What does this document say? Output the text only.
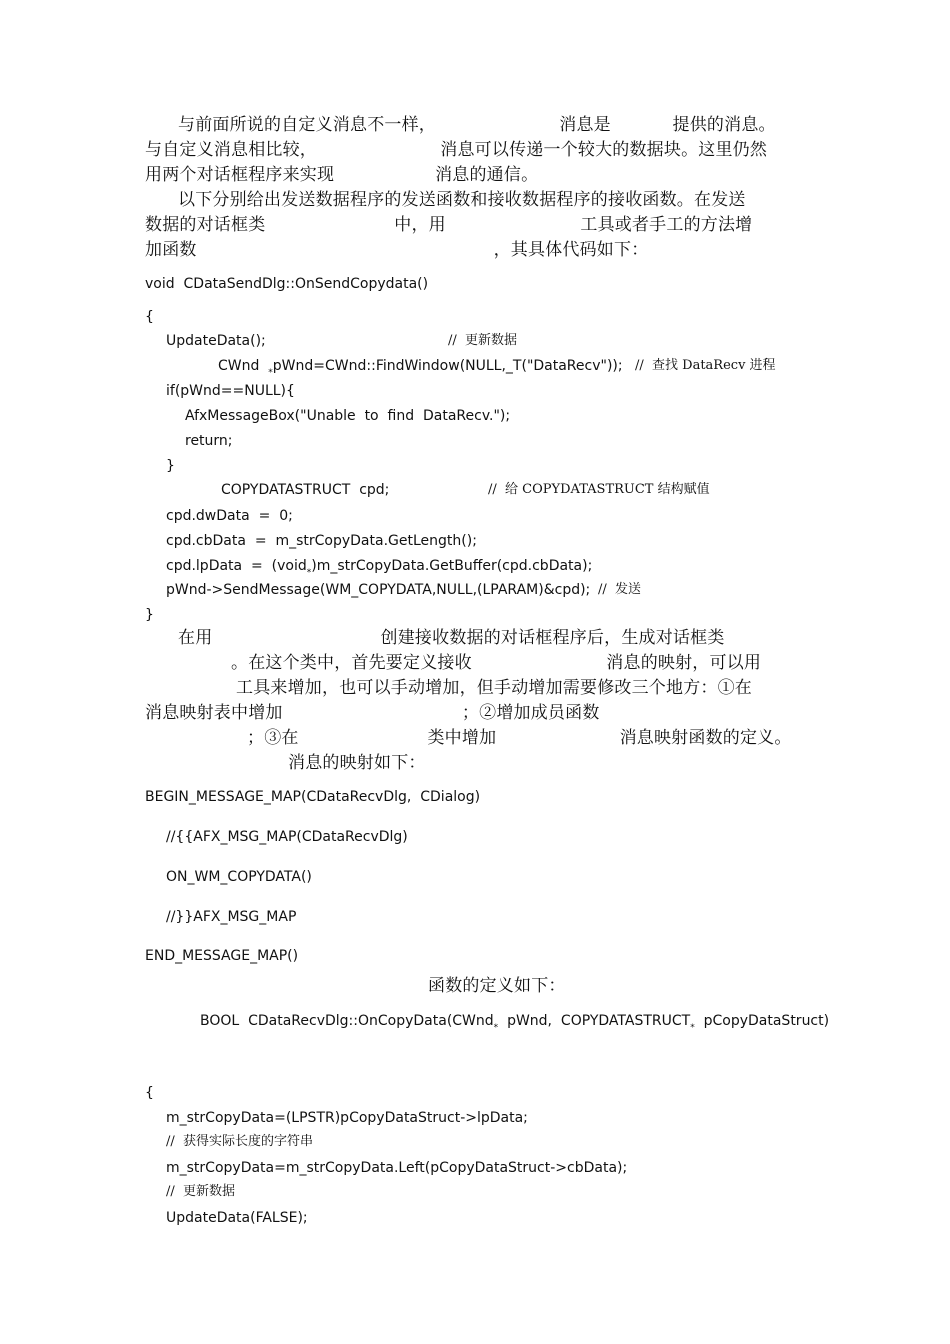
与前面所说的自定义消息不一样，                      消息是           提供的消息。
与自定义消息相比较，                      消息可以传递一个较大的数据块。这里仍然
用两个对话框程序来实现                  消息的通信。
以下分别给出发送数据程序的发送函数和接收数据程序的接收函数。在发送
数据的对话框类                       中，用                        工具或者手工的方法增
加函数                                                     ，其具体代码如下：
void  CDataSendDlg::OnSendCopydata()
{
UpdateData();	//  更新数据
CWnd  $_*$pWnd=CWnd::FindWindow(NULL,_T("DataRecv")); //  查找 DataRecv 进程
if(pWnd==NULL){
AfxMessageBox("Unable  to  find  DataRecv.");
return;
}
COPYDATASTRUCT  cpd;	//  给 COPYDATASTRUCT 结构赋值
cpd.dwData  =  0;
cpd.cbData  =  m_strCopyData.GetLength();
cpd.lpData  =  (void$_*$)m_strCopyData.GetBuffer(cpd.cbData);
pWnd->SendMessage(WM_COPYDATA,NULL,(LPARAM)&cpd); //  发送
}
在用                              创建接收数据的对话框程序后，生成对话框类
。在这个类中，首先要定义接收                        消息的映射，可以用
工具来增加，也可以手动增加，但手动增加需要修改三个地方：①在
消息映射表中增加                                ；②增加成员函数
；③在                       类中增加                      消息映射函数的定义。
消息的映射如下：
BEGIN_MESSAGE_MAP(CDataRecvDlg,  CDialog)
//{{AFX_MSG_MAP(CDataRecvDlg)
ON_WM_COPYDATA()
//}}AFX_MSG_MAP
END_MESSAGE_MAP()
函数的定义如下：
BOOL  CDataRecvDlg::OnCopyData(CWnd$_*$  pWnd,  $COPYDATASTRUCT_*$  pCopyDataStruct)
{
m_strCopyData=(LPSTR)pCopyDataStruct->lpData;
//  获得实际长度的字符串
m_strCopyData=m_strCopyData.Left(pCopyDataStruct->cbData);
//  更新数据
UpdateData(FALSE);
